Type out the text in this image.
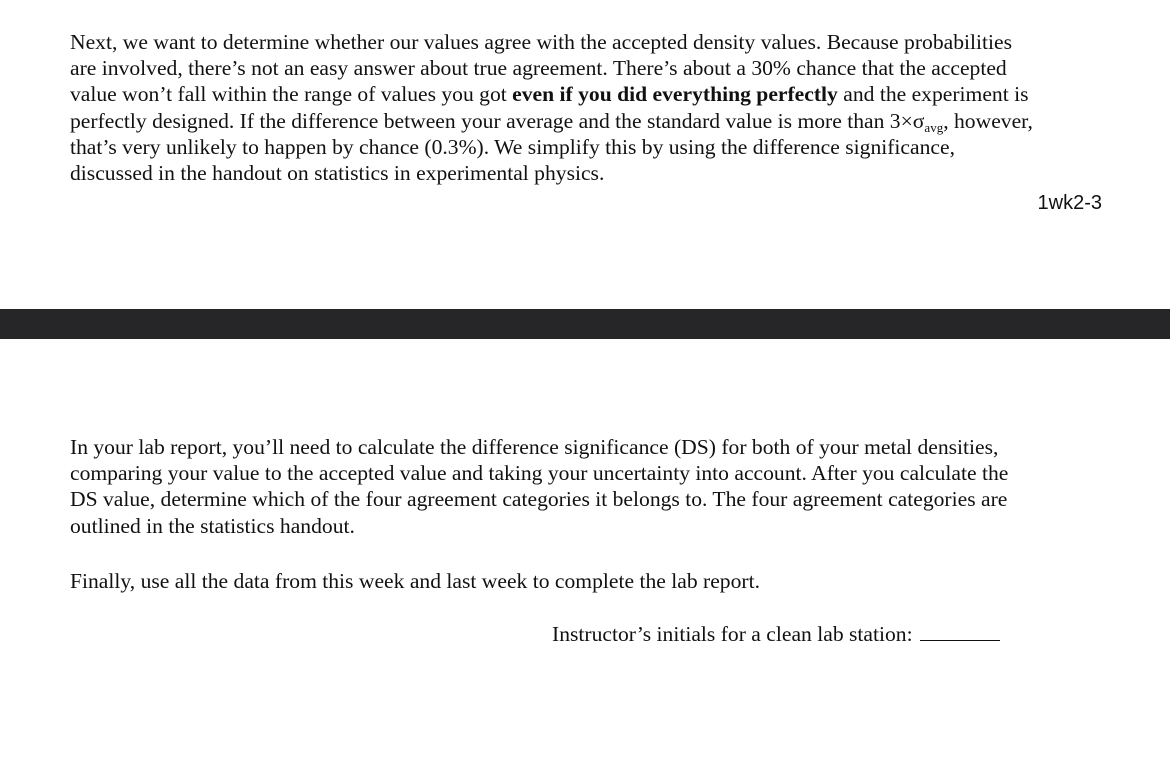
Next, we want to determine whether our values agree with the accepted density values. Because probabilities
are involved, there’s not an easy answer about true agreement. There’s about a 30% chance that the accepted
value won’t fall within the range of values you got even if you did everything perfectly and the experiment is
perfectly designed. If the difference between your average and the standard value is more than $3\times\sigma_{avg}$, however,
that’s very unlikely to happen by chance (0.3%). We simplify this by using the difference significance,
discussed in the handout on statistics in experimental physics.

1wk2-3

In your lab report, you’ll need to calculate the difference significance (DS) for both of your metal densities,
comparing your value to the accepted value and taking your uncertainty into account. After you calculate the
DS value, determine which of the four agreement categories it belongs to. The four agreement categories are
outlined in the statistics handout.

Finally, use all the data from this week and last week to complete the lab report.

Instructor’s initials for a clean lab station:
